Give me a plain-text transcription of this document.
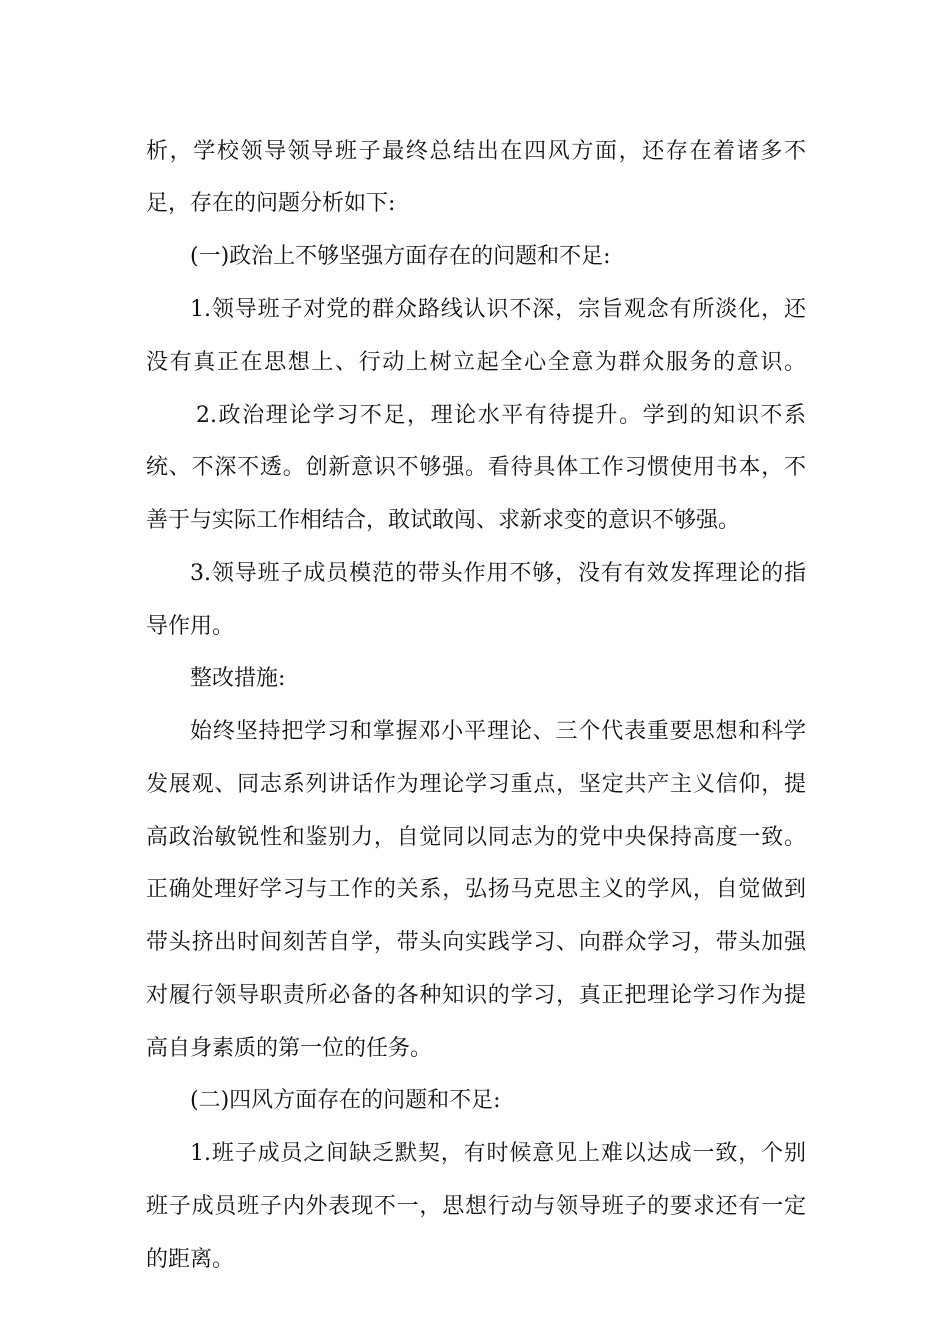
析，学校领导领导班子最终总结出在四风方面，还存在着诸多不
足，存在的问题分析如下:
(一)政治上不够坚强方面存在的问题和不足:
1.领导班子对党的群众路线认识不深，宗旨观念有所淡化，还
没有真正在思想上、行动上树立起全心全意为群众服务的意识。
2.政治理论学习不足，理论水平有待提升。学到的知识不系
统、不深不透。创新意识不够强。看待具体工作习惯使用书本，不
善于与实际工作相结合，敢试敢闯、求新求变的意识不够强。
3.领导班子成员模范的带头作用不够，没有有效发挥理论的指
导作用。
整改措施:
始终坚持把学习和掌握邓小平理论、三个代表重要思想和科学
发展观、同志系列讲话作为理论学习重点，坚定共产主义信仰，提
高政治敏锐性和鉴别力，自觉同以同志为的党中央保持高度一致。
正确处理好学习与工作的关系，弘扬马克思主义的学风，自觉做到
带头挤出时间刻苦自学，带头向实践学习、向群众学习，带头加强
对履行领导职责所必备的各种知识的学习，真正把理论学习作为提
高自身素质的第一位的任务。
(二)四风方面存在的问题和不足:
1.班子成员之间缺乏默契，有时候意见上难以达成一致，个别
班子成员班子内外表现不一，思想行动与领导班子的要求还有一定
的距离。
